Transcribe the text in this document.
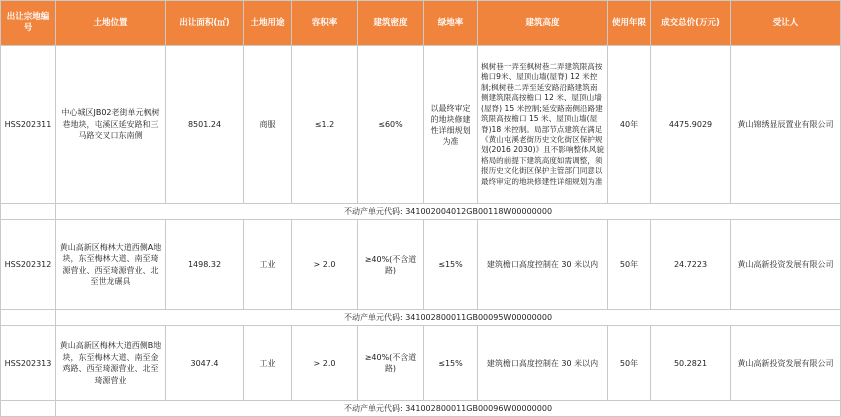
出让宗地编号	土地位置	出让面积(㎡)	土地用途	容积率	建筑密度	绿地率	建筑高度	使用年限	成交总价(万元)	受让人
HSS202311	中心城区JB02老街单元枫树巷地块，屯溪区延安路和三马路交叉口东南侧	8501.24	商服	≤1.2	≤60%	以最终审定的地块修建性详细规划为准	枫树巷一弄至枫树巷二弄建筑限高按檐口9米、屋顶山墙(屋脊) 12 米控制;枫树巷二弄至延安路沿路建筑南侧建筑限高按檐口 12 米、屋顶山墙(屋脊) 15 米控制;延安路南侧沿路建筑限高按檐口 15 米、屋顶山墙(屋脊)18 米控制。局部节点建筑在满足《黄山屯溪老街历史文化街区保护规划(2016 2030)》且不影响整体风貌格局的前提下建筑高度如需调整，须报历史文化街区保护主管部门同意以最终审定的地块修建性详细规划为准	40年	4475.9029	黄山锦绣显辰置业有限公司
	不动产单元代码: 341002004012GB00118W00000000									
HSS202312	黄山高新区梅林大道西侧A地块，东至梅林大道、南至琦源营业、西至琦源营业、北至世龙碾具	1498.32	工业	> 2.0	≥40%(不含道路)	≤15%	建筑檐口高度控制在 30 米以内	50年	24.7223	黄山高新投资发展有限公司
	不动产单元代码: 341002800011GB00095W00000000									
HSS202313	黄山高新区梅林大道西侧B地块，东至梅林大道、南至金鸡路、西至琦源营业、北至琦源营业	3047.4	工业	> 2.0	≥40%(不含道路)	≤15%	建筑檐口高度控制在 30 米以内	50年	50.2821	黄山高新投资发展有限公司
	不动产单元代码: 341002800011GB00096W00000000									
